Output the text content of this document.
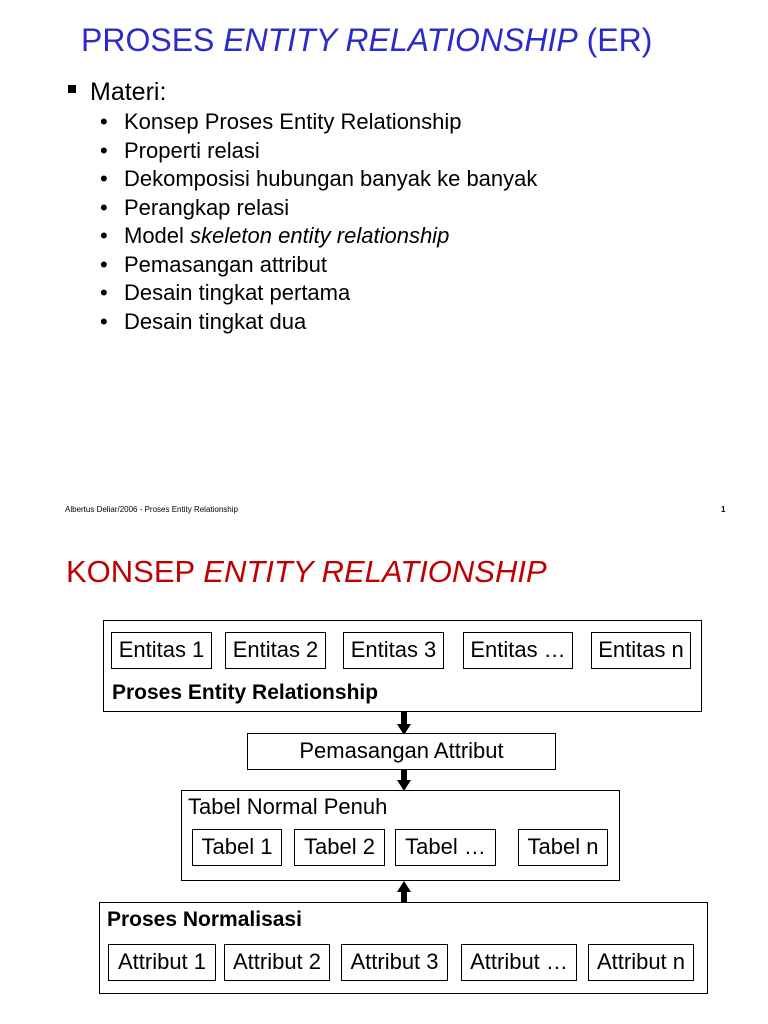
PROSES ENTITY RELATIONSHIP (ER)
Materi:
• Konsep Proses Entity Relationship
• Properti relasi
• Dekomposisi hubungan banyak ke banyak
• Perangkap relasi
• Model skeleton entity relationship
• Pemasangan attribut
• Desain tingkat pertama
• Desain tingkat dua
Albertus Deliar/2006 - Proses Entity Relationship	1
KONSEP ENTITY RELATIONSHIP
Entitas 1	Entitas 2	Entitas 3	Entitas …	Entitas n
Proses Entity Relationship
Pemasangan Attribut
Tabel Normal Penuh
Tabel 1	Tabel 2	Tabel …	Tabel n
Proses Normalisasi
Attribut 1	Attribut 2	Attribut 3	Attribut …	Attribut n
